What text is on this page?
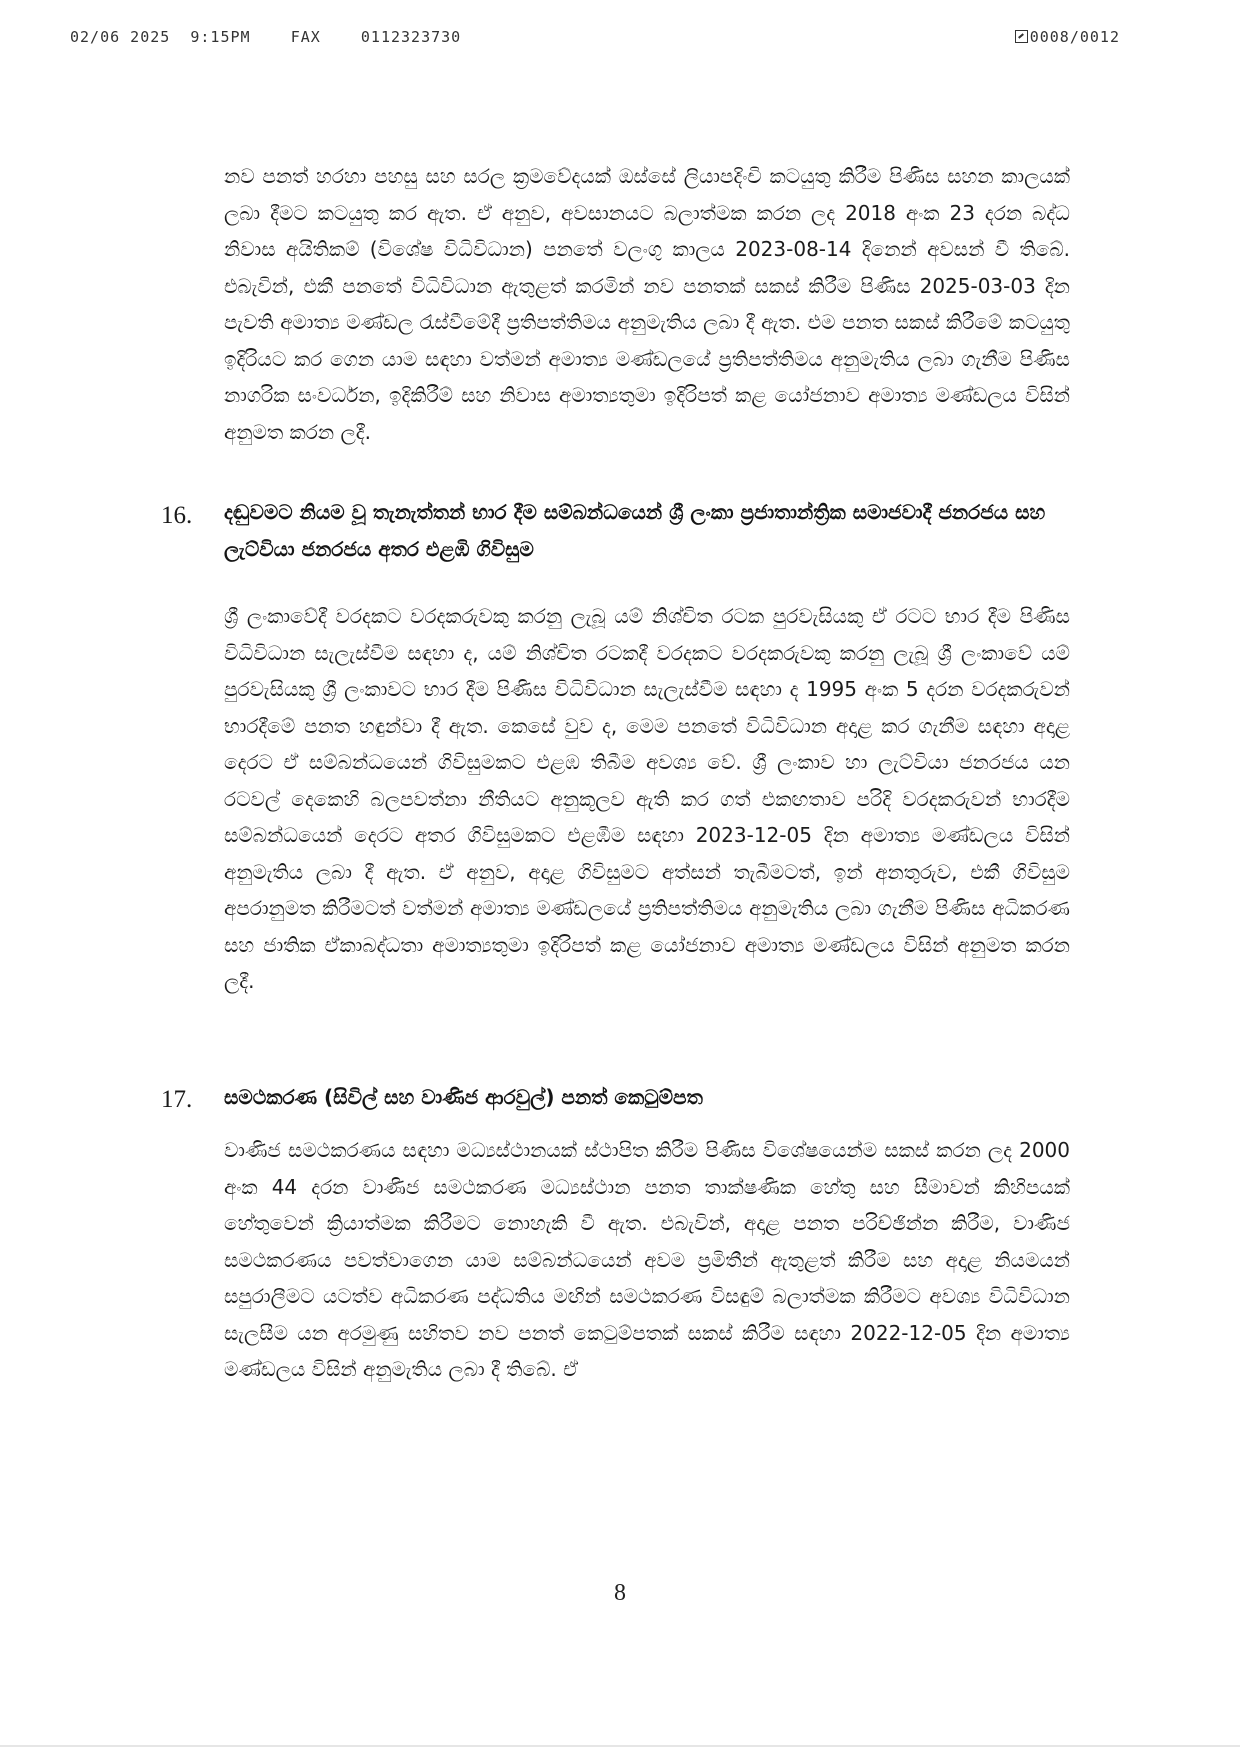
02/06 2025 9:15PM	FAX	0112323730	0008/0012

නව පනත් හරහා පහසු සහ සරල ක්‍රමවේදයක් ඔස්සේ ලියාපදිංචි කටයුතු කිරීම පිණිස සහන කාලයක් ලබා දීමට කටයුතු කර ඇත. ඒ අනුව, අවසානයට බලාත්මක කරන ලද 2018 අංක 23 දරන බද්ධ නිවාස අයිතිකම් (විශේෂ විධිවිධාන) පනතේ වලංගු කාලය 2023-08-14 දිනෙන් අවසන් වී තිබේ. එබැවින්, එකී පනතේ විධිවිධාන ඇතුළත් කරමින් නව පනතක් සකස් කිරීම පිණිස 2025-03-03 දින පැවති අමාත්‍ය මණ්ඩල රැස්වීමේදී ප්‍රතිපත්තිමය අනුමැතිය ලබා දී ඇත. එම පනත සකස් කිරීමේ කටයුතු ඉදිරියට කර ගෙන යාම සඳහා වත්මන් අමාත්‍ය මණ්ඩලයේ ප්‍රතිපත්තිමය අනුමැතිය ලබා ගැනීම පිණිස නාගරික සංවර්ධන, ඉදිකිරීම් සහ නිවාස අමාත්‍යතුමා ඉදිරිපත් කළ යෝජනාව අමාත්‍ය මණ්ඩලය විසින් අනුමත කරන ලදී.

16. දඬුවමට නියම වූ තැනැත්තන් භාර දීම සම්බන්ධයෙන් ශ්‍රී ලංකා ප්‍රජාතාන්ත්‍රික සමාජවාදී ජනරජය සහ ලැට්වියා ජනරජය අතර එළඹි ගිවිසුම

ශ්‍රී ලංකාවේදී වරදකට වරදකරුවකු කරනු ලැබූ යම් නිශ්චිත රටක පුරවැසියකු ඒ රටට භාර දීම පිණිස විධිවිධාන සැලැස්වීම සඳහා ද, යම් නිශ්චිත රටකදී වරදකට වරදකරුවකු කරනු ලැබූ ශ්‍රී ලංකාවේ යම් පුරවැසියකු ශ්‍රී ලංකාවට භාර දීම පිණිස විධිවිධාන සැලැස්වීම සඳහා ද 1995 අංක 5 දරන වරදකරුවන් භාරදීමේ පනත හඳුන්වා දී ඇත. කෙසේ වුව ද, මෙම පනතේ විධිවිධාන අදාළ කර ගැනීම සඳහා අදාළ දෙරට ඒ සම්බන්ධයෙන් ගිවිසුමකට එළඹ තිබීම අවශ්‍ය වේ. ශ්‍රී ලංකාව හා ලැට්වියා ජනරජය යන රටවල් දෙකෙහි බලපවත්නා නීතියට අනුකූලව ඇති කර ගත් එකඟතාව පරිදි වරදකරුවන් භාරදීම සම්බන්ධයෙන් දෙරට අතර ගිවිසුමකට එළඹීම සඳහා 2023-12-05 දින අමාත්‍ය මණ්ඩලය විසින් අනුමැතිය ලබා දී ඇත. ඒ අනුව, අදාළ ගිවිසුමට අත්සන් තැබීමටත්, ඉන් අනතුරුව, එකී ගිවිසුම අපරානුමත කිරීමටත් වත්මන් අමාත්‍ය මණ්ඩලයේ ප්‍රතිපත්තිමය අනුමැතිය ලබා ගැනීම පිණිස අධිකරණ සහ ජාතික ඒකාබද්ධතා අමාත්‍යතුමා ඉදිරිපත් කළ යෝජනාව අමාත්‍ය මණ්ඩලය විසින් අනුමත කරන ලදී.

17. සමථකරණ (සිවිල් සහ වාණිජ ආරවුල්) පනත් කෙටුම්පත

වාණිජ සමථකරණය සඳහා මධ්‍යස්ථානයක් ස්ථාපිත කිරීම පිණිස විශේෂයෙන්ම සකස් කරන ලද 2000 අංක 44 දරන වාණිජ සමථකරණ මධ්‍යස්ථාන පනත තාක්ෂණික හේතු සහ සීමාවන් කිහිපයක් හේතුවෙන් ක්‍රියාත්මක කිරීමට නොහැකි වී ඇත. එබැවින්, අදාළ පනත පරිච්ඡින්න කිරීම, වාණිජ සමථකරණය පවත්වාගෙන යාම සම්බන්ධයෙන් අවම ප්‍රමිතීන් ඇතුළත් කිරීම සහ අදාළ නියමයන් සපුරාලීමට යටත්ව අධිකරණ පද්ධතිය මඟින් සමථකරණ විසඳුම් බලාත්මක කිරීමට අවශ්‍ය විධිවිධාන සැලසීම යන අරමුණු සහිතව නව පනත් කෙටුම්පතක් සකස් කිරීම සඳහා 2022-12-05 දින අමාත්‍ය මණ්ඩලය විසින් අනුමැතිය ලබා දී තිබේ. ඒ

8
